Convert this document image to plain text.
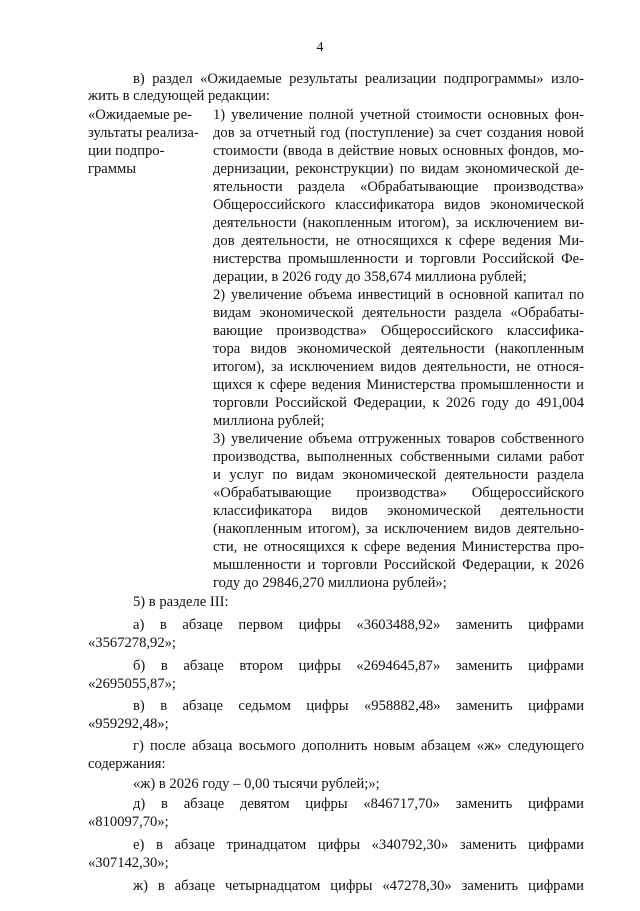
4
в) раздел «Ожидаемые результаты реализации подпрограммы» изло-
жить в следующей редакции:
«Ожидаемые ре-
зультаты реализа-
ции подпро-
граммы
1) увеличение полной учетной стоимости основных фон-
дов за отчетный год (поступление) за счет создания новой
стоимости (ввода в действие новых основных фондов, мо-
дернизации, реконструкции) по видам экономической де-
ятельности раздела «Обрабатывающие производства»
Общероссийского классификатора видов экономической
деятельности (накопленным итогом), за исключением ви-
дов деятельности, не относящихся к сфере ведения Ми-
нистерства промышленности и торговли Российской Фе-
дерации, в 2026 году до 358,674 миллиона рублей;
2) увеличение объема инвестиций в основной капитал по
видам экономической деятельности раздела «Обрабаты-
вающие производства» Общероссийского классифика-
тора видов экономической деятельности (накопленным
итогом), за исключением видов деятельности, не относя-
щихся к сфере ведения Министерства промышленности и
торговли Российской Федерации, к 2026 году до 491,004
миллиона рублей;
3) увеличение объема отгруженных товаров собственного
производства, выполненных собственными силами работ
и услуг по видам экономической деятельности раздела
«Обрабатывающие производства» Общероссийского
классификатора видов экономической деятельности
(накопленным итогом), за исключением видов деятельно-
сти, не относящихся к сфере ведения Министерства про-
мышленности и торговли Российской Федерации, к 2026
году до 29846,270 миллиона рублей»;
5) в разделе III:
а) в абзаце первом цифры «3603488,92» заменить цифрами
«3567278,92»;
б) в абзаце втором цифры «2694645,87» заменить цифрами
«2695055,87»;
в) в абзаце седьмом цифры «958882,48» заменить цифрами
«959292,48»;
г) после абзаца восьмого дополнить новым абзацем «ж» следующего
содержания:
«ж) в 2026 году – 0,00 тысячи рублей;»;
д) в абзаце девятом цифры «846717,70» заменить цифрами
«810097,70»;
е) в абзаце тринадцатом цифры «340792,30» заменить цифрами
«307142,30»;
ж) в абзаце четырнадцатом цифры «47278,30» заменить цифрами
